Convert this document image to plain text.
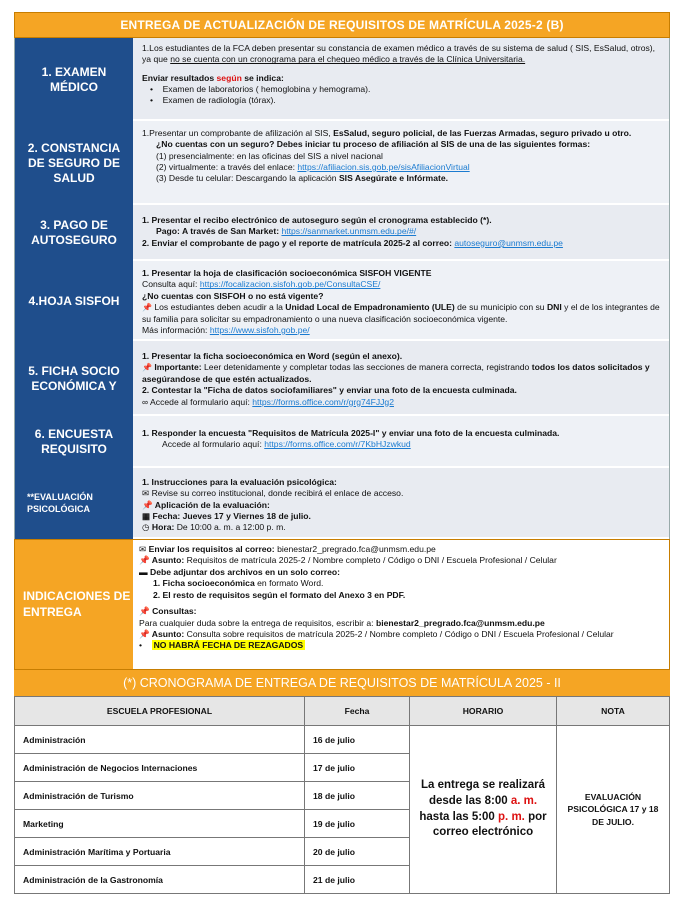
ENTREGA DE ACTUALIZACIÓN DE REQUISITOS DE MATRÍCULA 2025-2 (B)
1. EXAMEN MÉDICO
1.Los estudiantes de la FCA deben presentar su constancia de examen médico a través de su sistema de salud ( SIS, EsSalud, otros), ya que no se cuenta con un cronograma para el chequeo médico a través de la Clínica Universitaria.
Enviar resultados según se indica:
•    Examen de laboratorios ( hemoglobina y hemograma).
•    Examen de radiología (tórax).
2. CONSTANCIA DE SEGURO DE SALUD
1.Presentar un comprobante de afilización al SIS, EsSalud, seguro policial, de las Fuerzas Armadas, seguro privado u otro.
¿No cuentas con un seguro? Debes iniciar tu proceso de afiliación al SIS de una de las siguientes formas:
(1) presencialmente: en las oficinas del SIS a nivel nacional
(2) virtualmente: a través del enlace: https://afiliacion.sis.gob.pe/sisAfiliacionVirtual
(3) Desde tu celular: Descargando la aplicación SIS Asegúrate e Infórmate.
3. PAGO DE AUTOSEGURO
1. Presentar el recibo electrónico de autoseguro según el cronograma establecido (*).
Pago: A través de San Market: https://sanmarket.unmsm.edu.pe/#/
2. Enviar el comprobante de pago y el reporte de matrícula 2025-2 al correo: autoseguro@unmsm.edu.pe
4.HOJA SISFOH
1. Presentar la hoja de clasificación socioeconómica SISFOH VIGENTE
Consulta aquí: https://focalizacion.sisfoh.gob.pe/ConsultaCSE/
¿No cuentas con SISFOH o no está vigente?
📌 Los estudiantes deben acudir a la Unidad Local de Empadronamiento (ULE) de su municipio con su DNI y el de los integrantes de su familia para solicitar su empadronamiento o una nueva clasificación socioeconómica vigente.
Más información: https://www.sisfoh.gob.pe/
5. FICHA SOCIO ECONÓMICA Y
1. Presentar la ficha socioeconómica en Word (según el anexo).
📌 Importante: Leer detenidamente y completar todas las secciones de manera correcta, registrando todos los datos solicitados y asegúrandose de que estén actualizados.
2. Contestar la "Ficha de datos sociofamiliares" y enviar una foto de la encuesta culminada.
∞ Accede al formulario aquí: https://forms.office.com/r/grg74FJJg2
6. ENCUESTA REQUISITO
1. Responder la encuesta "Requisitos de Matrícula 2025-I" y enviar una foto de la encuesta culminada.
Accede al formulario aquí: https://forms.office.com/r/7KbHJzwkud
**EVALUACIÓN PSICOLÓGICA
1. Instrucciones para la evaluación psicológica:
✉ Revise su correo institucional, donde recibirá el enlace de acceso.
📌 Aplicación de la evaluación:
▦ Fecha: Jueves 17 y Viernes 18 de julio.
◷ Hora: De 10:00 a. m. a 12:00 p. m.
INDICACIONES DE ENTREGA
✉ Enviar los requisitos al correo: bienestar2_pregrado.fca@unmsm.edu.pe
📌 Asunto: Requisitos de matrícula 2025-2 / Nombre completo / Código o DNI / Escuela Profesional / Celular
▬ Debe adjuntar dos archivos en un solo correo:
1. Ficha socioeconómica en formato Word.
2. El resto de requisitos según el formato del Anexo 3 en PDF.
📌 Consultas:
Para cualquier duda sobre la entrega de requisitos, escribir a: bienestar2_pregrado.fca@unmsm.edu.pe
📌 Asunto: Consulta sobre requisitos de matrícula 2025-2 / Nombre completo / Código o DNI / Escuela Profesional / Celular
•    NO HABRÁ FECHA DE REZAGADOS
(*) CRONOGRAMA DE ENTREGA DE REQUISITOS DE MATRÍCULA 2025 - II
ESCUELA PROFESIONAL	Fecha	HORARIO	NOTA
Administración	16 de julio	La entrega se realizará desde las 8:00 a. m. hasta las 5:00 p. m. por correo electrónico	EVALUACIÓN PSICOLÓGICA 17 y 18 DE JULIO.
Administración de Negocios Internaciones	17 de julio		
Administración de Turismo	18 de julio		
Marketing	19 de julio		
Administración Marítima y Portuaria	20 de julio		
Administración de la Gastronomía	21 de julio		
